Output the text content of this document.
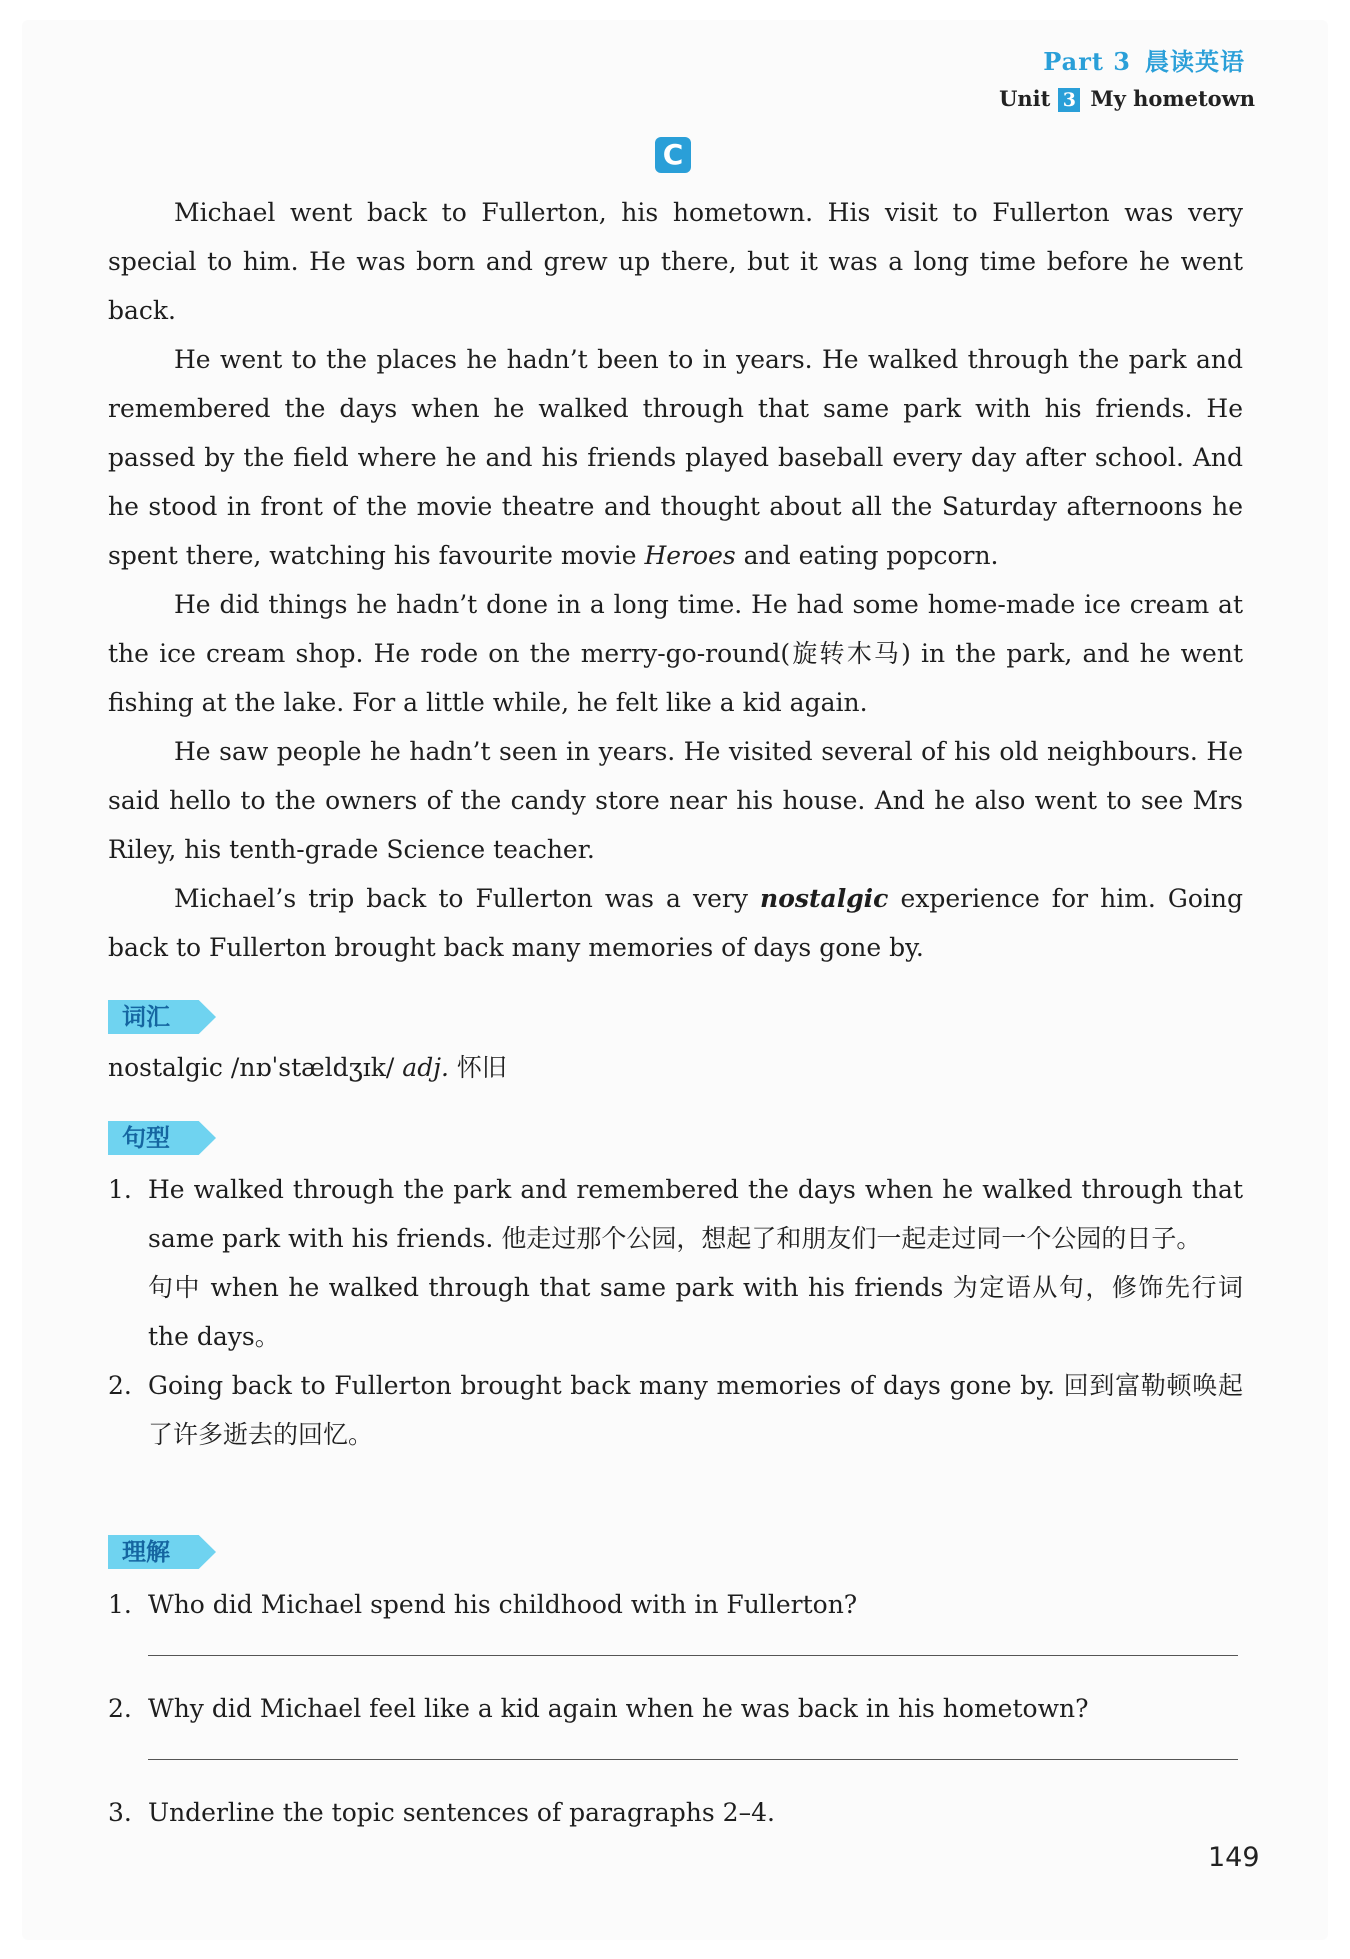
Part 3 晨读英语
Unit 3 My hometown
C

Michael went back to Fullerton, his hometown. His visit to Fullerton was very special to him. He was born and grew up there, but it was a long time before he went back.

He went to the places he hadn’t been to in years. He walked through the park and remembered the days when he walked through that same park with his friends. He passed by the field where he and his friends played baseball every day after school. And he stood in front of the movie theatre and thought about all the Saturday afternoons he spent there, watching his favourite movie Heroes and eating popcorn.

He did things he hadn’t done in a long time. He had some home-made ice cream at the ice cream shop. He rode on the merry-go-round(旋转木马) in the park, and he went fishing at the lake. For a little while, he felt like a kid again.

He saw people he hadn’t seen in years. He visited several of his old neighbours. He said hello to the owners of the candy store near his house. And he also went to see Mrs Riley, his tenth-grade Science teacher.

Michael’s trip back to Fullerton was a very nostalgic experience for him. Going back to Fullerton brought back many memories of days gone by.

词汇
nostalgic /nɒˈstældʒɪk/ adj. 怀旧
句型
1. He walked through the park and remembered the days when he walked through that same park with his friends. 他走过那个公园，想起了和朋友们一起走过同一个公园的日子。

句中 when he walked through that same park with his friends 为定语从句，修饰先行词 the days。

2. Going back to Fullerton brought back many memories of days gone by. 回到富勒顿唤起了许多逝去的回忆。

理解
1. Who did Michael spend his childhood with in Fullerton?

2. Why did Michael feel like a kid again when he was back in his hometown?

3. Underline the topic sentences of paragraphs 2–4.

149
